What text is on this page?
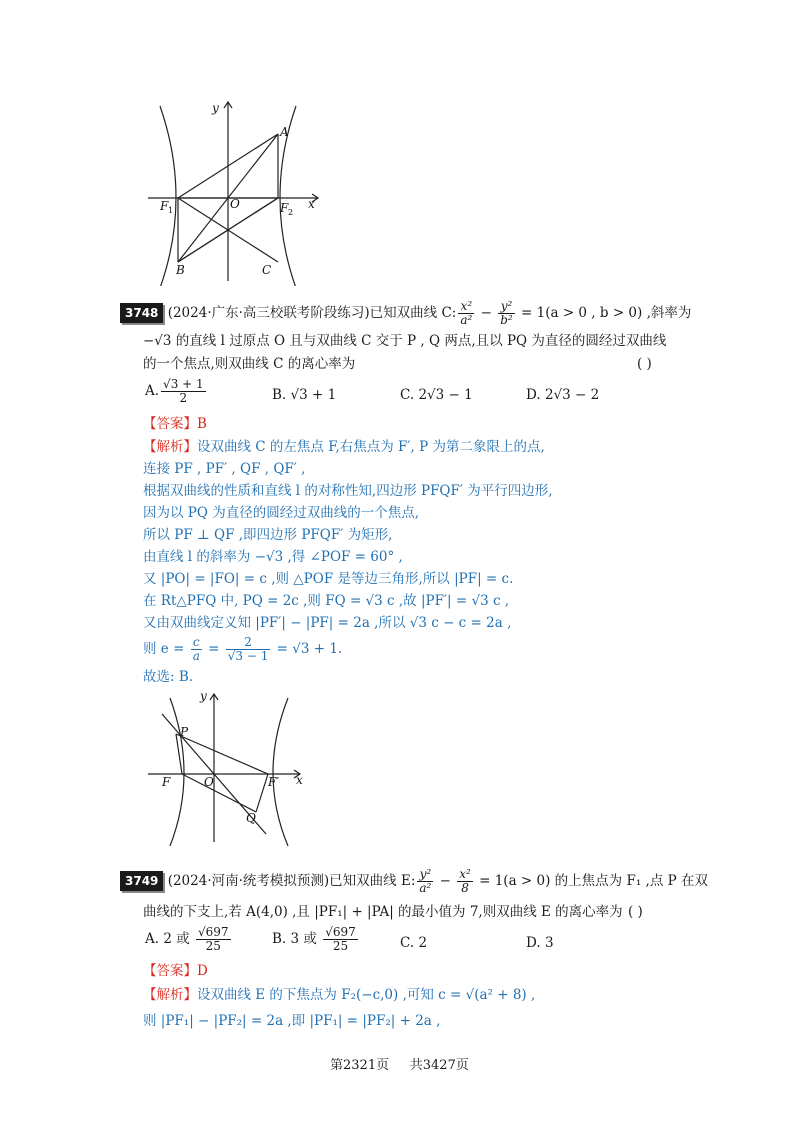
y
A
O
F 1	F 2
x
B	C
3748 (2024·广东·高三校联考阶段练习)已知双曲线 C: $\frac{\text{x²}}{\text{a²}} - \frac{\text{y²}}{\text{b²}} = 1(a > 0$ , b > 0) ,斜率为
−√3 的直线 l 过原点 O 且与双曲线 C 交于 P , Q 两点,且以 PQ 为直径的圆经过双曲线
的一个焦点,则双曲线 C 的离心率为	( )
A. $\frac{√3 + 1}{2}$	B. √3 + 1	C. 2√3 − 1	D. 2√3 − 2
【答案】B
【解析】设双曲线 C 的左焦点 F,右焦点为 F′, P 为第二象限上的点,
连接 PF , PF′ , QF , QF′ ,
根据双曲线的性质和直线 l 的对称性知,四边形 PFQF′ 为平行四边形,
因为以 PQ 为直径的圆经过双曲线的一个焦点,
所以 PF ⊥ QF ,即四边形 PFQF′ 为矩形,
由直线 l 的斜率为 −√3 ,得 ∠POF = 60° ,
又 |PO| = |FO| = c ,则 △POF 是等边三角形,所以 |PF| = c.
在 Rt△PFQ 中, PQ = 2c ,则 FQ = √3 c ,故 |PF′| = √3 c ,
又由双曲线定义知 |PF′| − |PF| = 2a ,所以 √3 c − c = 2a ,
则 $e = \frac{c}{a} = \frac{2}{√3 - 1} = √3 + 1$.
故选: B.
y
P
F	O	F′ x
Q
3749 (2024·河南·统考模拟预测)已知双曲线 E: $\frac{\text{y²}}{\text{a²}} - \frac{\text{x²}}{8} = 1(a > 0)$ 的上焦点为 F₁ ,点 P 在双
曲线的下支上,若 A(4,0) ,且 |PF₁| + |PA| 的最小值为 7,则双曲线 E 的离心率为 ( )
A. 2 或 $\frac{√697}{25}$	B. 3 或 $\frac{√697}{25}$	C. 2	D. 3
【答案】D
【解析】设双曲线 E 的下焦点为 F₂(−c,0) ,可知 c = √(a² + 8) ,
则 |PF₁| − |PF₂| = 2a ,即 |PF₁| = |PF₂| + 2a ,
第2321页 共3427页
